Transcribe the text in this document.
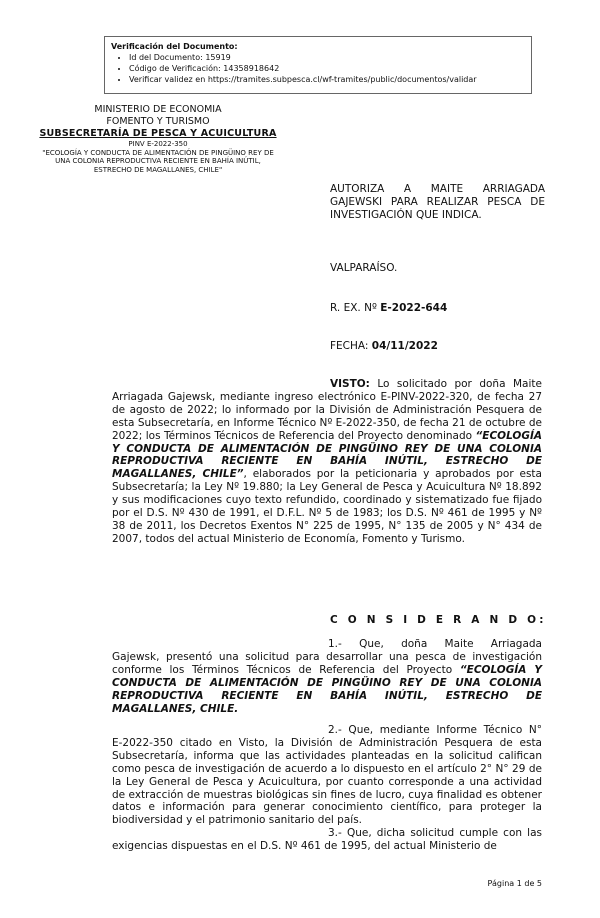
Verificación del Documento:
• Id del Documento: 15919
• Código de Verificación: 14358918642
• Verificar validez en https://tramites.subpesca.cl/wf-tramites/public/documentos/validar
MINISTERIO DE ECONOMIA
FOMENTO Y TURISMO
SUBSECRETARÍA DE PESCA Y ACUICULTURA
PINV E-2022-350
"ECOLOGÍA Y CONDUCTA DE ALIMENTACIÓN DE PINGÜINO REY DE UNA COLONIA REPRODUCTIVA RECIENTE EN BAHÍA INÚTIL, ESTRECHO DE MAGALLANES, CHILE"
AUTORIZA A MAITE ARRIAGADA GAJEWSKI PARA REALIZAR PESCA DE INVESTIGACIÓN QUE INDICA.
VALPARAÍSO.
R. EX. Nº E-2022-644
FECHA: 04/11/2022
VISTO: Lo solicitado por doña Maite Arriagada Gajewsk, mediante ingreso electrónico E-PINV-2022-320, de fecha 27 de agosto de 2022; lo informado por la División de Administración Pesquera de esta Subsecretaría, en Informe Técnico Nº E-2022-350, de fecha 21 de octubre de 2022; los Términos Técnicos de Referencia del Proyecto denominado “ECOLOGÍA Y CONDUCTA DE ALIMENTACIÓN DE PINGÜINO REY DE UNA COLONIA REPRODUCTIVA RECIENTE EN BAHÍA INÚTIL, ESTRECHO DE MAGALLANES, CHILE”, elaborados por la peticionaria y aprobados por esta Subsecretaría; la Ley Nº 19.880; la Ley General de Pesca y Acuicultura Nº 18.892 y sus modificaciones cuyo texto refundido, coordinado y sistematizado fue fijado por el D.S. Nº 430 de 1991, el D.F.L. Nº 5 de 1983; los D.S. Nº 461 de 1995 y Nº 38 de 2011, los Decretos Exentos N° 225 de 1995, N° 135 de 2005 y N° 434 de 2007, todos del actual Ministerio de Economía, Fomento y Turismo.
C O N S I D E R A N D O:
1.- Que, doña Maite Arriagada
Gajewsk, presentó una solicitud para desarrollar una pesca de investigación conforme los Términos Técnicos de Referencia del Proyecto “ECOLOGÍA Y CONDUCTA DE ALIMENTACIÓN DE PINGÜINO REY DE UNA COLONIA REPRODUCTIVA RECIENTE EN BAHÍA INÚTIL, ESTRECHO DE MAGALLANES, CHILE.
2.- Que, mediante Informe Técnico N°
E-2022-350 citado en Visto, la División de Administración Pesquera de esta Subsecretaría, informa que las actividades planteadas en la solicitud califican como pesca de investigación de acuerdo a lo dispuesto en el artículo 2° N° 29 de la Ley General de Pesca y Acuicultura, por cuanto corresponde a una actividad de extracción de muestras biológicas sin fines de lucro, cuya finalidad es obtener datos e información para generar conocimiento científico, para proteger la biodiversidad y el patrimonio sanitario del país.
3.- Que, dicha solicitud cumple con las
exigencias dispuestas en el D.S. Nº 461 de 1995, del actual Ministerio de
Página 1 de 5
